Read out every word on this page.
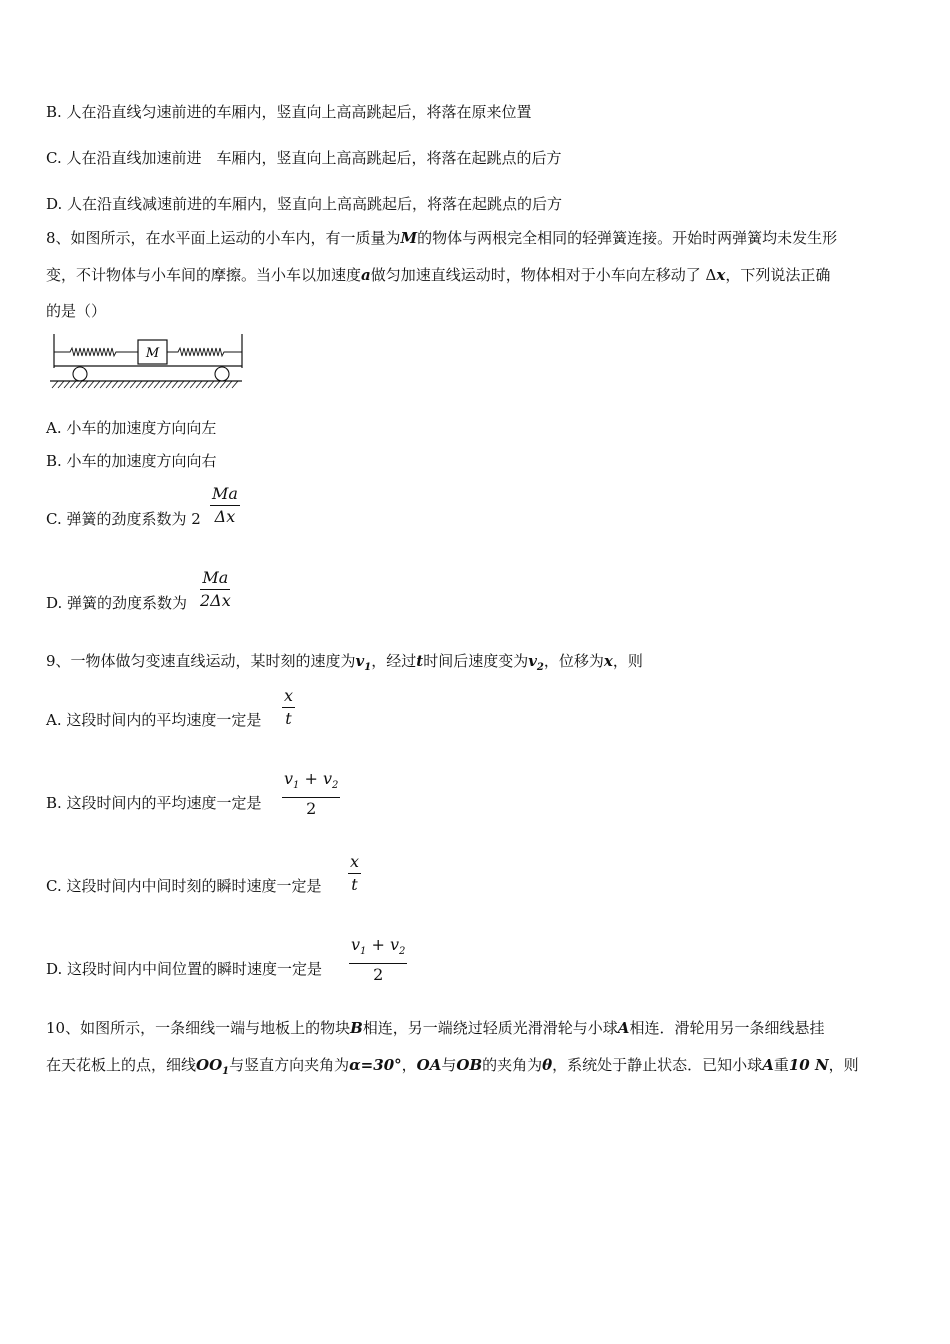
B. 人在沿直线匀速前进的车厢内，竖直向上高高跳起后，将落在原来位置
C. 人在沿直线加速前进　车厢内，竖直向上高高跳起后，将落在起跳点的后方
D. 人在沿直线减速前进的车厢内，竖直向上高高跳起后，将落在起跳点的后方
8、如图所示，在水平面上运动的小车内，有一质量为M的物体与两根完全相同的轻弹簧连接。开始时两弹簧均未发生形
变，不计物体与小车间的摩擦。当小车以加速度a做匀加速直线运动时，物体相对于小车向左移动了 Δx，下列说法正确
的是（）
M
A. 小车的加速度方向向左
B. 小车的加速度方向向右
C. 弹簧的劲度系数为 $2 \frac{Ma}{\Delta x}$
D. 弹簧的劲度系数为 $\frac{Ma}{2\Delta x}$
9、一物体做匀变速直线运动，某时刻的速度为$v_1$，经过t时间后速度变为$v_2$，位移为x，则
A. 这段时间内的平均速度一定是 $\frac{x}{t}$
B. 这段时间内的平均速度一定是 $\frac{v_1 + v_2}{2}$
C. 这段时间内中间时刻的瞬时速度一定是 $\frac{x}{t}$
D. 这段时间内中间位置的瞬时速度一定是 $\frac{v_1 + v_2}{2}$
10、如图所示，一条细线一端与地板上的物块B相连，另一端绕过轻质光滑滑轮与小球A相连．滑轮用另一条细线悬挂
在天花板上的点，细线$OO_1$与竖直方向夹角为α=30°，OA与OB的夹角为θ，系统处于静止状态．已知小球A重10 N，则
